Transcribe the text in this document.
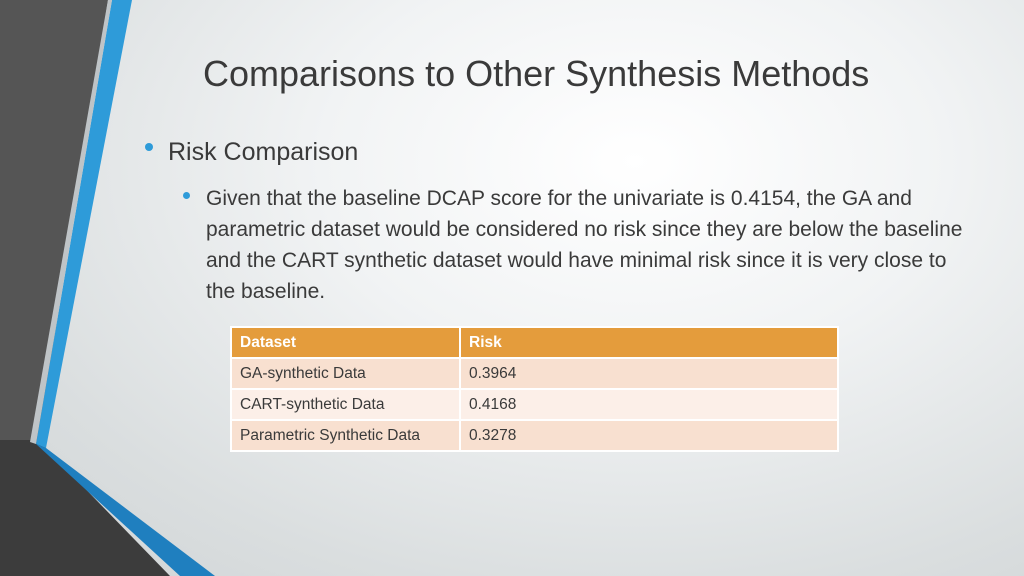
Comparisons to Other Synthesis Methods
Risk Comparison
Given that the baseline DCAP score for the univariate is 0.4154, the GA and parametric dataset would be considered no risk since they are below the baseline and the CART synthetic dataset would have minimal risk since it is very close to the baseline.
Dataset	Risk
GA-synthetic Data	0.3964
CART-synthetic Data	0.4168
Parametric Synthetic Data	0.3278
